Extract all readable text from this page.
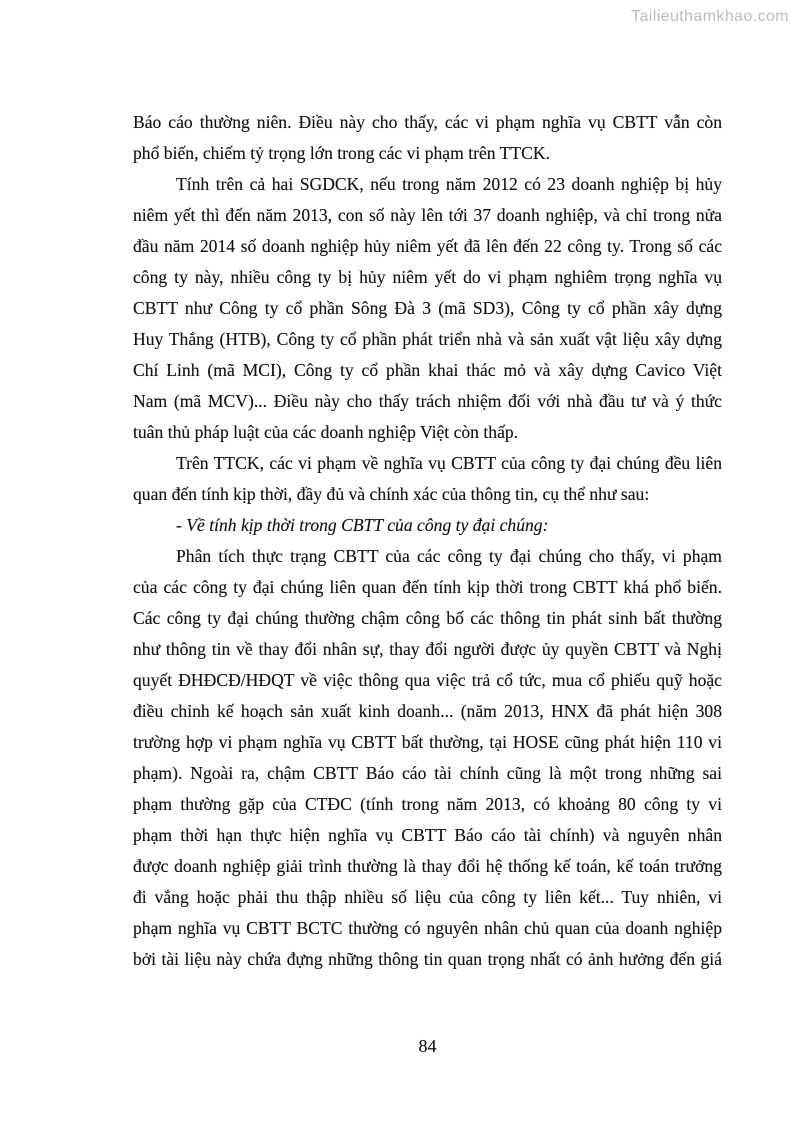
Tailieuthamkhao.com
Báo cáo thường niên. Điều này cho thấy, các vi phạm nghĩa vụ CBTT vẫn còn
phổ biến, chiếm tỷ trọng lớn trong các vi phạm trên TTCK.
Tính trên cả hai SGDCK, nếu trong năm 2012 có 23 doanh nghiệp bị hủy
niêm yết thì đến năm 2013, con số này lên tới 37 doanh nghiệp, và chỉ trong nửa
đầu năm 2014 số doanh nghiệp hủy niêm yết đã lên đến 22 công ty. Trong số các
công ty này, nhiều công ty bị hủy niêm yết do vi phạm nghiêm trọng nghĩa vụ
CBTT như Công ty cổ phần Sông Đà 3 (mã SD3), Công ty cổ phần xây dựng
Huy Thắng (HTB), Công ty cổ phần phát triển nhà và sản xuất vật liệu xây dựng
Chí Linh (mã MCI), Công ty cổ phần khai thác mỏ và xây dựng Cavico Việt
Nam (mã MCV)... Điều này cho thấy trách nhiệm đối với nhà đầu tư và ý thức
tuân thủ pháp luật của các doanh nghiệp Việt còn thấp.
Trên TTCK, các vi phạm về nghĩa vụ CBTT của công ty đại chúng đều liên
quan đến tính kịp thời, đầy đủ và chính xác của thông tin, cụ thể như sau:
- Về tính kịp thời trong CBTT của công ty đại chúng:
Phân tích thực trạng CBTT của các công ty đại chúng cho thấy, vi phạm
của các công ty đại chúng liên quan đến tính kịp thời trong CBTT khá phổ biến.
Các công ty đại chúng thường chậm công bố các thông tin phát sinh bất thường
như thông tin về thay đổi nhân sự, thay đổi người được ủy quyền CBTT và Nghị
quyết ĐHĐCĐ/HĐQT về việc thông qua việc trả cổ tức, mua cổ phiếu quỹ hoặc
điều chỉnh kế hoạch sản xuất kinh doanh... (năm 2013, HNX đã phát hiện 308
trường hợp vi phạm nghĩa vụ CBTT bất thường, tại HOSE cũng phát hiện 110 vi
phạm). Ngoài ra, chậm CBTT Báo cáo tài chính cũng là một trong những sai
phạm thường gặp của CTĐC (tính trong năm 2013, có khoảng 80 công ty vi
phạm thời hạn thực hiện nghĩa vụ CBTT Báo cáo tài chính) và nguyên nhân
được doanh nghiệp giải trình thường là thay đổi hệ thống kế toán, kế toán trưởng
đi vắng hoặc phải thu thập nhiều số liệu của công ty liên kết... Tuy nhiên, vi
phạm nghĩa vụ CBTT BCTC thường có nguyên nhân chủ quan của doanh nghiệp
bởi tài liệu này chứa đựng những thông tin quan trọng nhất có ảnh hưởng đến giá
84
